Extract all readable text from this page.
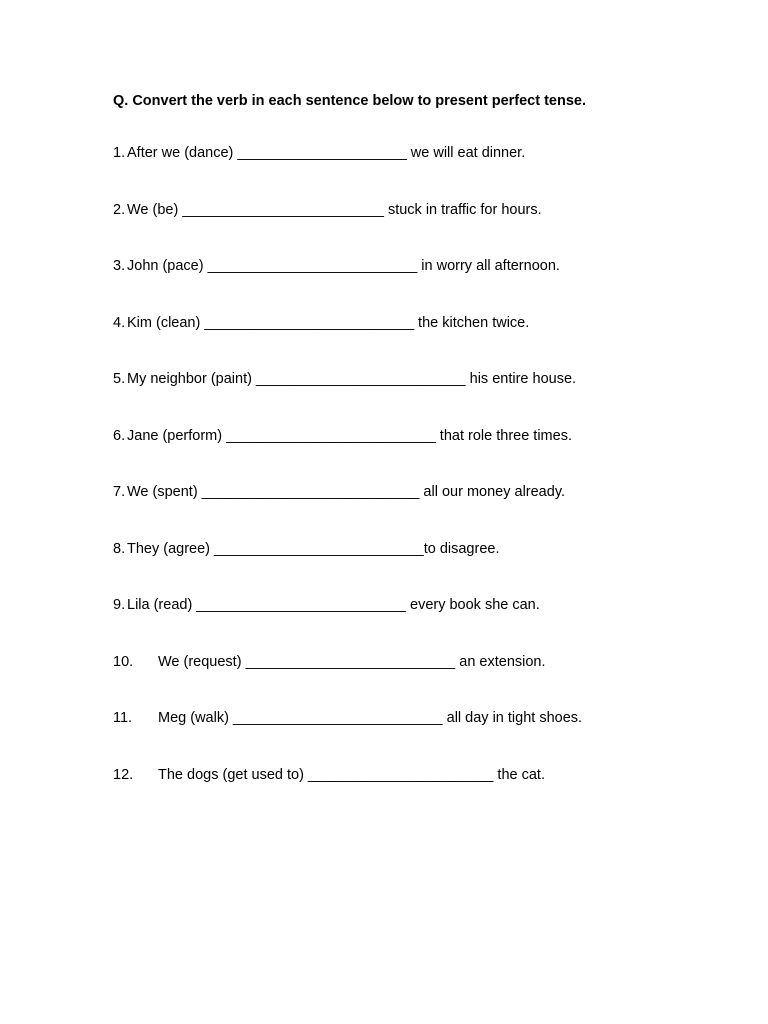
Q. Convert the verb in each sentence below to present perfect tense.

1. After we (dance) _____________________ we will eat dinner.
2. We (be) _________________________ stuck in traffic for hours.
3. John (pace) __________________________ in worry all afternoon.
4. Kim (clean) __________________________ the kitchen twice.
5. My neighbor (paint) __________________________ his entire house.
6. Jane (perform) __________________________ that role three times.
7. We (spent) ___________________________ all our money already.
8. They (agree) __________________________to disagree.
9. Lila (read) __________________________ every book she can.
10.	We (request) __________________________ an extension.
11.	Meg (walk) __________________________ all day in tight shoes.
12.	The dogs (get used to) _______________________ the cat.
